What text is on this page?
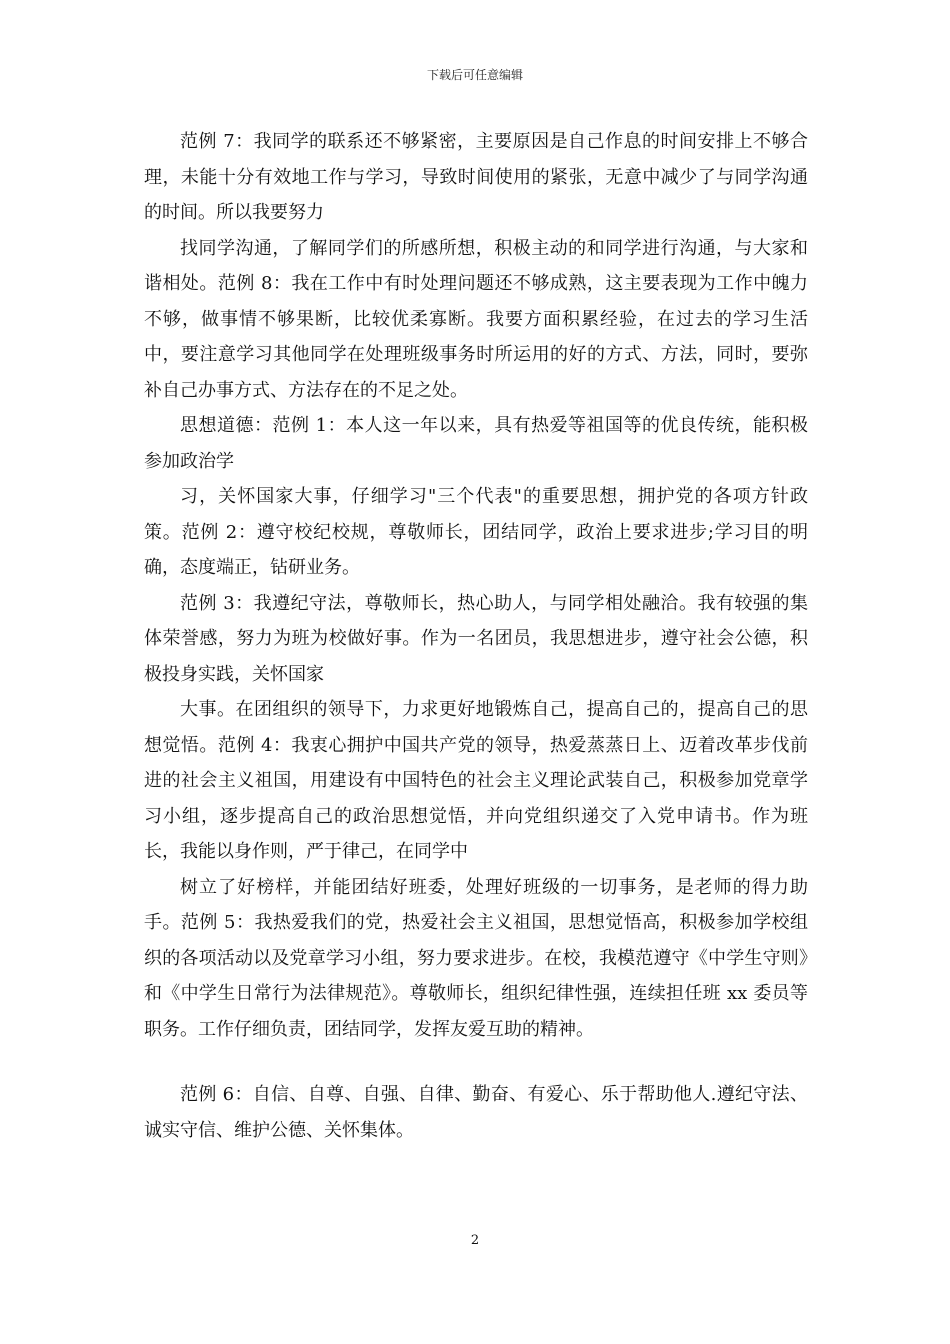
下载后可任意编辑

范例 7：我同学的联系还不够紧密，主要原因是自己作息的时间安排上不够合理，未能十分有效地工作与学习，导致时间使用的紧张，无意中减少了与同学沟通的时间。所以我要努力

找同学沟通，了解同学们的所感所想，积极主动的和同学进行沟通，与大家和谐相处。范例 8：我在工作中有时处理问题还不够成熟，这主要表现为工作中魄力不够，做事情不够果断，比较优柔寡断。我要方面积累经验，在过去的学习生活中，要注意学习其他同学在处理班级事务时所运用的好的方式、方法，同时，要弥补自己办事方式、方法存在的不足之处。

思想道德：范例 1：本人这一年以来，具有热爱等祖国等的优良传统，能积极参加政治学

习，关怀国家大事，仔细学习"三个代表"的重要思想，拥护党的各项方针政策。范例 2：遵守校纪校规，尊敬师长，团结同学，政治上要求进步;学习目的明确，态度端正，钻研业务。

范例 3：我遵纪守法，尊敬师长，热心助人，与同学相处融洽。我有较强的集体荣誉感，努力为班为校做好事。作为一名团员，我思想进步，遵守社会公德，积极投身实践，关怀国家

大事。在团组织的领导下，力求更好地锻炼自己，提高自己的，提高自己的思想觉悟。范例 4：我衷心拥护中国共产党的领导，热爱蒸蒸日上、迈着改革步伐前进的社会主义祖国，用建设有中国特色的社会主义理论武装自己，积极参加党章学习小组，逐步提高自己的政治思想觉悟，并向党组织递交了入党申请书。作为班长，我能以身作则，严于律己，在同学中

树立了好榜样，并能团结好班委，处理好班级的一切事务，是老师的得力助手。范例 5：我热爱我们的党，热爱社会主义祖国，思想觉悟高，积极参加学校组织的各项活动以及党章学习小组，努力要求进步。在校，我模范遵守《中学生守则》和《中学生日常行为法律规范》。尊敬师长，组织纪律性强，连续担任班 xx 委员等职务。工作仔细负责，团结同学，发挥友爱互助的精神。

范例 6：自信、自尊、自强、自律、勤奋、有爱心、乐于帮助他人.遵纪守法、诚实守信、维护公德、关怀集体。

2
